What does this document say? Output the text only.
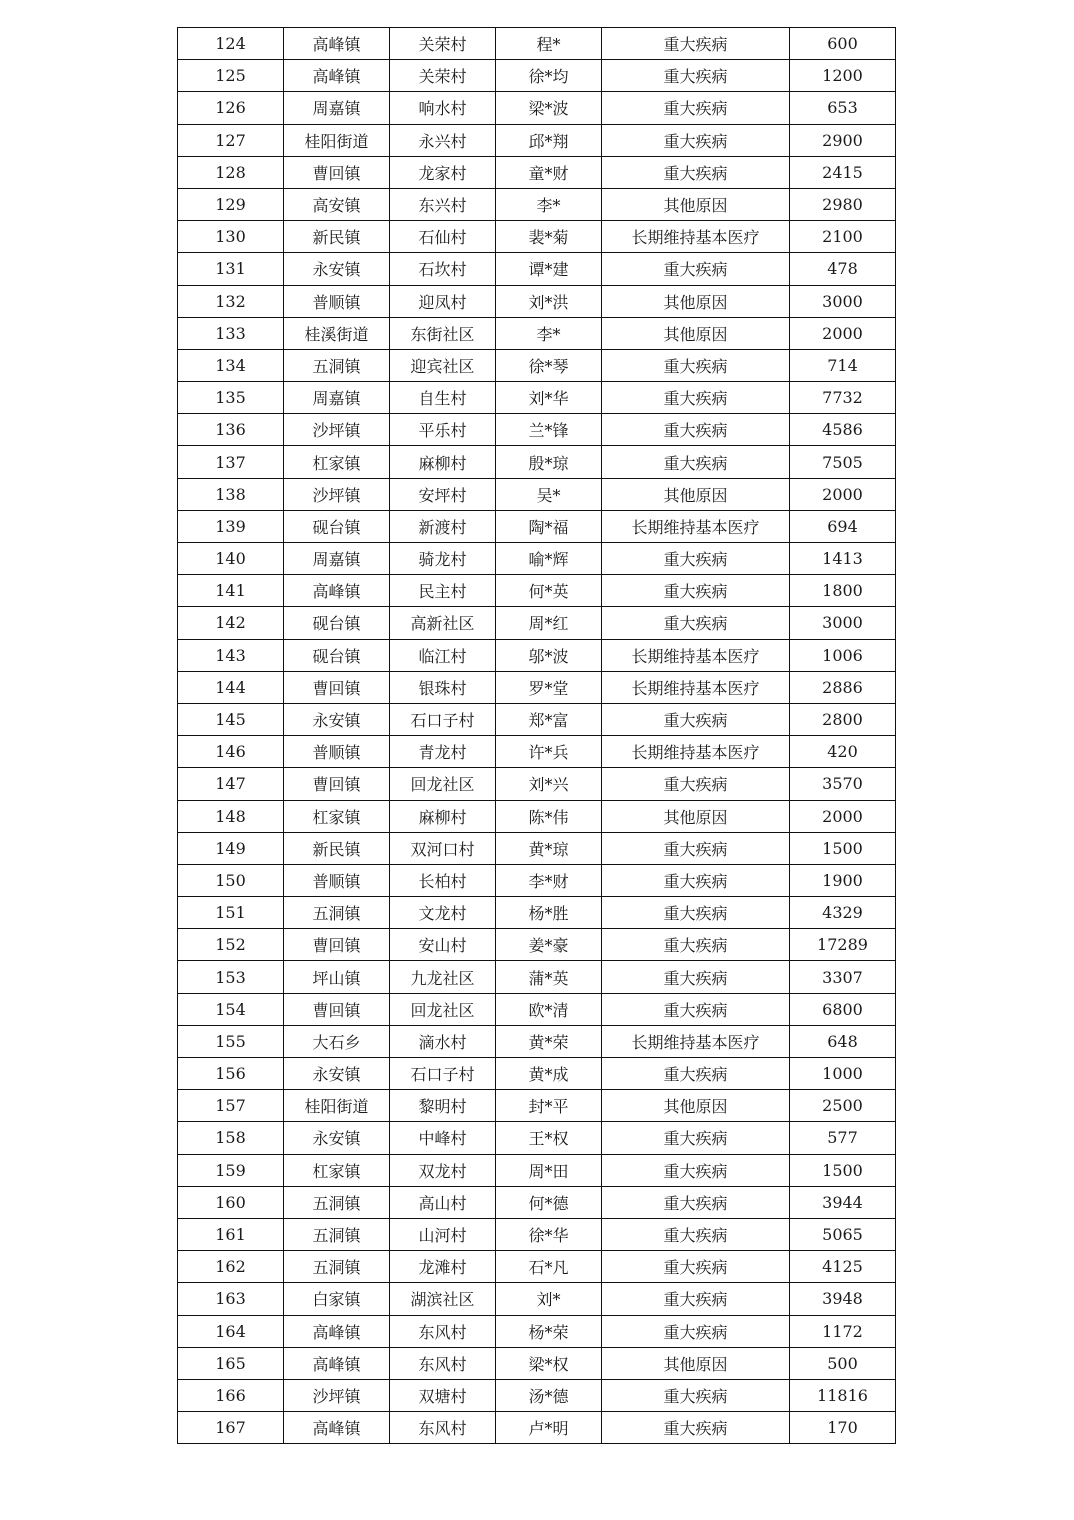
124	高峰镇	关荣村	程*	重大疾病	600
125	高峰镇	关荣村	徐*均	重大疾病	1200
126	周嘉镇	响水村	梁*波	重大疾病	653
127	桂阳街道	永兴村	邱*翔	重大疾病	2900
128	曹回镇	龙家村	童*财	重大疾病	2415
129	高安镇	东兴村	李*	其他原因	2980
130	新民镇	石仙村	裴*菊	长期维持基本医疗	2100
131	永安镇	石坎村	谭*建	重大疾病	478
132	普顺镇	迎凤村	刘*洪	其他原因	3000
133	桂溪街道	东街社区	李*	其他原因	2000
134	五洞镇	迎宾社区	徐*琴	重大疾病	714
135	周嘉镇	自生村	刘*华	重大疾病	7732
136	沙坪镇	平乐村	兰*锋	重大疾病	4586
137	杠家镇	麻柳村	殷*琼	重大疾病	7505
138	沙坪镇	安坪村	吴*	其他原因	2000
139	砚台镇	新渡村	陶*福	长期维持基本医疗	694
140	周嘉镇	骑龙村	喻*辉	重大疾病	1413
141	高峰镇	民主村	何*英	重大疾病	1800
142	砚台镇	高新社区	周*红	重大疾病	3000
143	砚台镇	临江村	邬*波	长期维持基本医疗	1006
144	曹回镇	银珠村	罗*堂	长期维持基本医疗	2886
145	永安镇	石口子村	郑*富	重大疾病	2800
146	普顺镇	青龙村	许*兵	长期维持基本医疗	420
147	曹回镇	回龙社区	刘*兴	重大疾病	3570
148	杠家镇	麻柳村	陈*伟	其他原因	2000
149	新民镇	双河口村	黄*琼	重大疾病	1500
150	普顺镇	长柏村	李*财	重大疾病	1900
151	五洞镇	文龙村	杨*胜	重大疾病	4329
152	曹回镇	安山村	姜*豪	重大疾病	17289
153	坪山镇	九龙社区	蒲*英	重大疾病	3307
154	曹回镇	回龙社区	欧*清	重大疾病	6800
155	大石乡	滴水村	黄*荣	长期维持基本医疗	648
156	永安镇	石口子村	黄*成	重大疾病	1000
157	桂阳街道	黎明村	封*平	其他原因	2500
158	永安镇	中峰村	王*权	重大疾病	577
159	杠家镇	双龙村	周*田	重大疾病	1500
160	五洞镇	高山村	何*德	重大疾病	3944
161	五洞镇	山河村	徐*华	重大疾病	5065
162	五洞镇	龙滩村	石*凡	重大疾病	4125
163	白家镇	湖滨社区	刘*	重大疾病	3948
164	高峰镇	东风村	杨*荣	重大疾病	1172
165	高峰镇	东风村	梁*权	其他原因	500
166	沙坪镇	双塘村	汤*德	重大疾病	11816
167	高峰镇	东风村	卢*明	重大疾病	170
